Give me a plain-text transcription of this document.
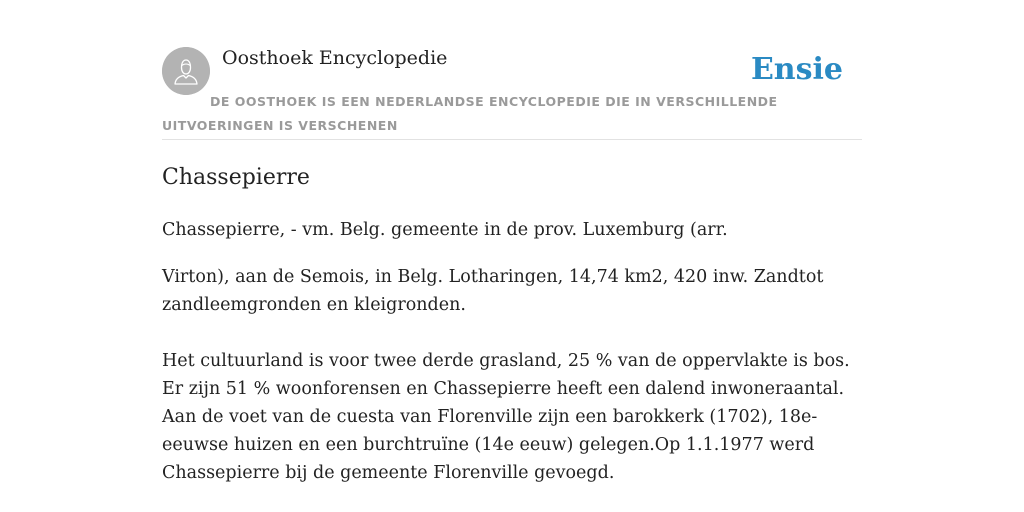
Oosthoek Encyclopedie	Ensie
DE OOSTHOEK IS EEN NEDERLANDSE ENCYCLOPEDIE DIE IN VERSCHILLENDE UITVOERINGEN IS VERSCHENEN
Chassepierre

Chassepierre, - vm. Belg. gemeente in de prov. Luxemburg (arr.

Virton), aan de Semois, in Belg. Lotharingen, 14,74 km2, 420 inw. Zandtot zandleemgronden en kleigronden.

Het cultuurland is voor twee derde grasland, 25 % van de oppervlakte is bos. Er zijn 51 % woonforensen en Chassepierre heeft een dalend inwoneraantal. Aan de voet van de cuesta van Florenville zijn een barokkerk (1702), 18e-eeuwse huizen en een burchtruïne (14e eeuw) gelegen.Op 1.1.1977 werd Chassepierre bij de gemeente Florenville gevoegd.
